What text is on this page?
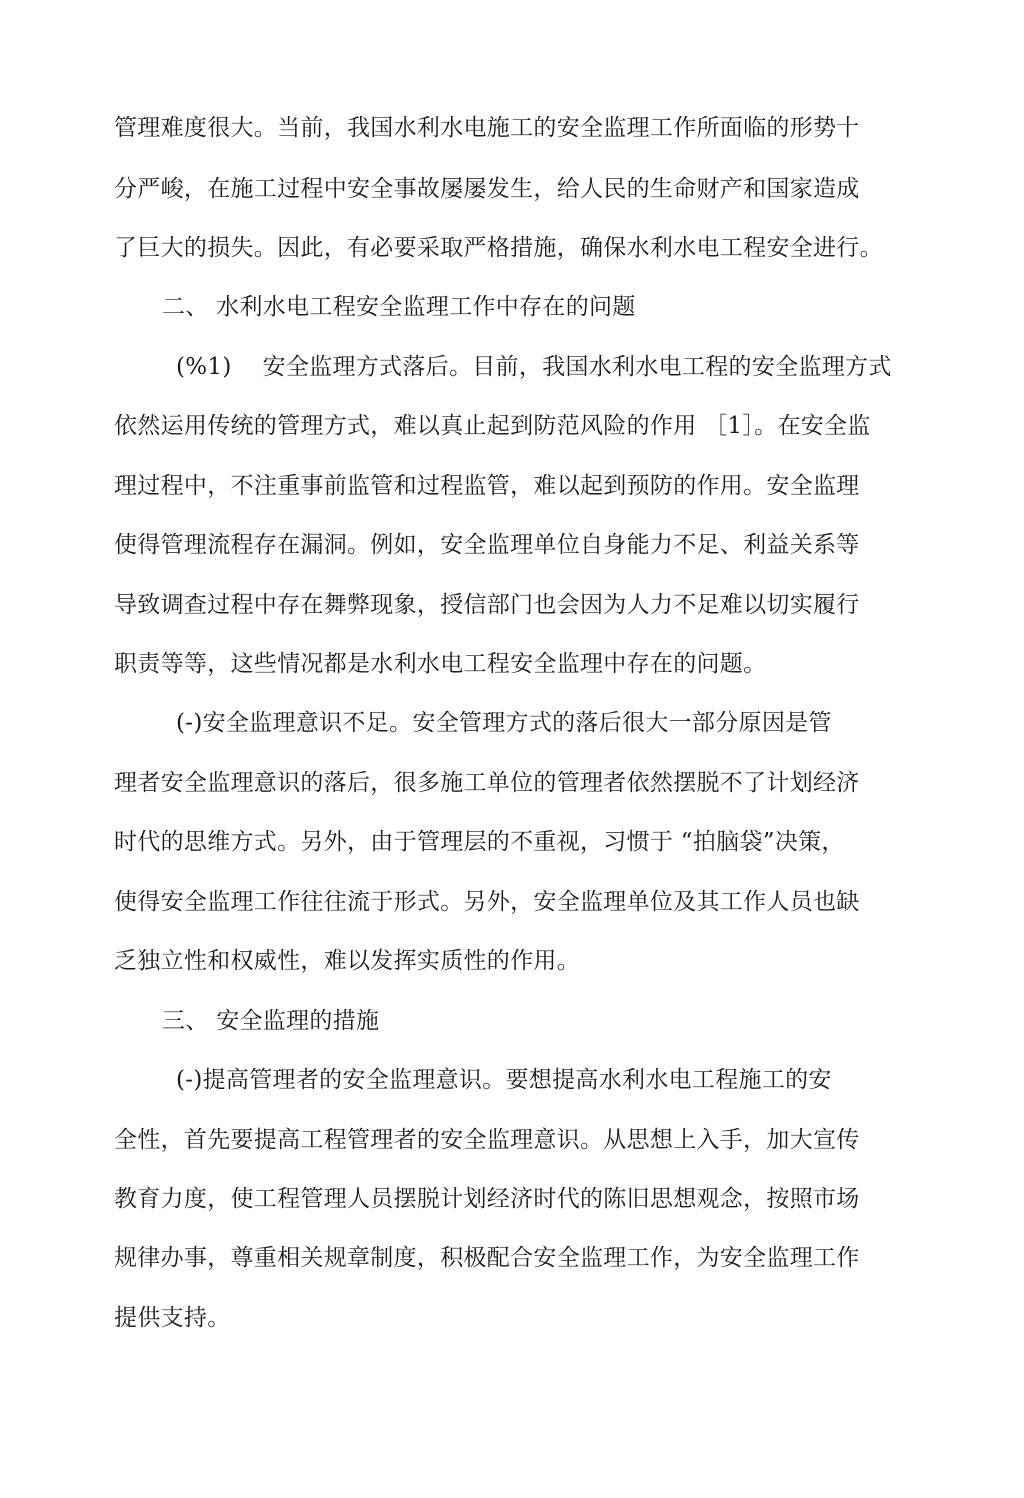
管理难度很大。当前，我国水利水电施工的安全监理工作所面临的形势十
分严峻，在施工过程中安全事故屡屡发生，给人民的生命财产和国家造成
了巨大的损失。因此，有必要采取严格措施，确保水利水电工程安全进行。
二、 水利水电工程安全监理工作中存在的问题
(%1)　 安全监理方式落后。目前，我国水利水电工程的安全监理方式
依然运用传统的管理方式，难以真止起到防范风险的作用 ［1］。在安全监
理过程中，不注重事前监管和过程监管，难以起到预防的作用。安全监理
使得管理流程存在漏洞。例如，安全监理单位自身能力不足、利益关系等
导致调查过程中存在舞弊现象，授信部门也会因为人力不足难以切实履行
职责等等，这些情况都是水利水电工程安全监理中存在的问题。
(-)安全监理意识不足。安全管理方式的落后很大一部分原因是管
理者安全监理意识的落后，很多施工单位的管理者依然摆脱不了计划经济
时代的思维方式。另外，由于管理层的不重视，习惯于 “拍脑袋”决策，
使得安全监理工作往往流于形式。另外，安全监理单位及其工作人员也缺
乏独立性和权威性，难以发挥实质性的作用。
三、 安全监理的措施
(-)提高管理者的安全监理意识。要想提高水利水电工程施工的安
全性，首先要提高工程管理者的安全监理意识。从思想上入手，加大宣传
教育力度，使工程管理人员摆脱计划经济时代的陈旧思想观念，按照市场
规律办事，尊重相关规章制度，积极配合安全监理工作，为安全监理工作
提供支持。
